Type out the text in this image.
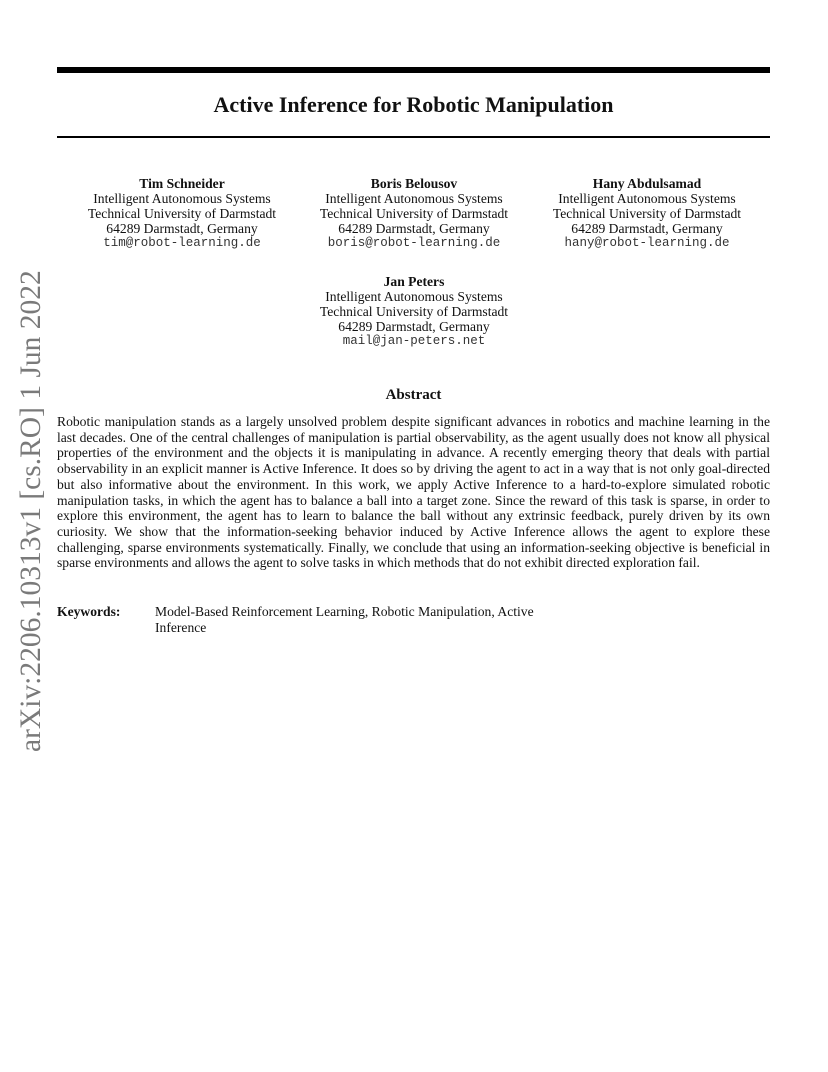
arXiv:2206.10313v1 [cs.RO] 1 Jun 2022
Active Inference for Robotic Manipulation
Tim Schneider
Intelligent Autonomous Systems
Technical University of Darmstadt
64289 Darmstadt, Germany
tim@robot-learning.de
Boris Belousov
Intelligent Autonomous Systems
Technical University of Darmstadt
64289 Darmstadt, Germany
boris@robot-learning.de
Hany Abdulsamad
Intelligent Autonomous Systems
Technical University of Darmstadt
64289 Darmstadt, Germany
hany@robot-learning.de
Jan Peters
Intelligent Autonomous Systems
Technical University of Darmstadt
64289 Darmstadt, Germany
mail@jan-peters.net
Abstract
Robotic manipulation stands as a largely unsolved problem despite significant advances in robotics and machine learning in the last decades. One of the central challenges of manipulation is partial observability, as the agent usually does not know all physical properties of the environment and the objects it is manipulating in advance. A recently emerging theory that deals with partial observability in an explicit manner is Active Inference. It does so by driving the agent to act in a way that is not only goal-directed but also informative about the environment. In this work, we apply Active Inference to a hard-to-explore simulated robotic manipulation tasks, in which the agent has to balance a ball into a target zone. Since the reward of this task is sparse, in order to explore this environment, the agent has to learn to balance the ball without any extrinsic feedback, purely driven by its own curiosity. We show that the information-seeking behavior induced by Active Inference allows the agent to explore these challenging, sparse environments systematically. Finally, we conclude that using an information-seeking objective is beneficial in sparse environments and allows the agent to solve tasks in which methods that do not exhibit directed exploration fail.
Keywords:	Model-Based Reinforcement Learning, Robotic Manipulation, Active Inference
